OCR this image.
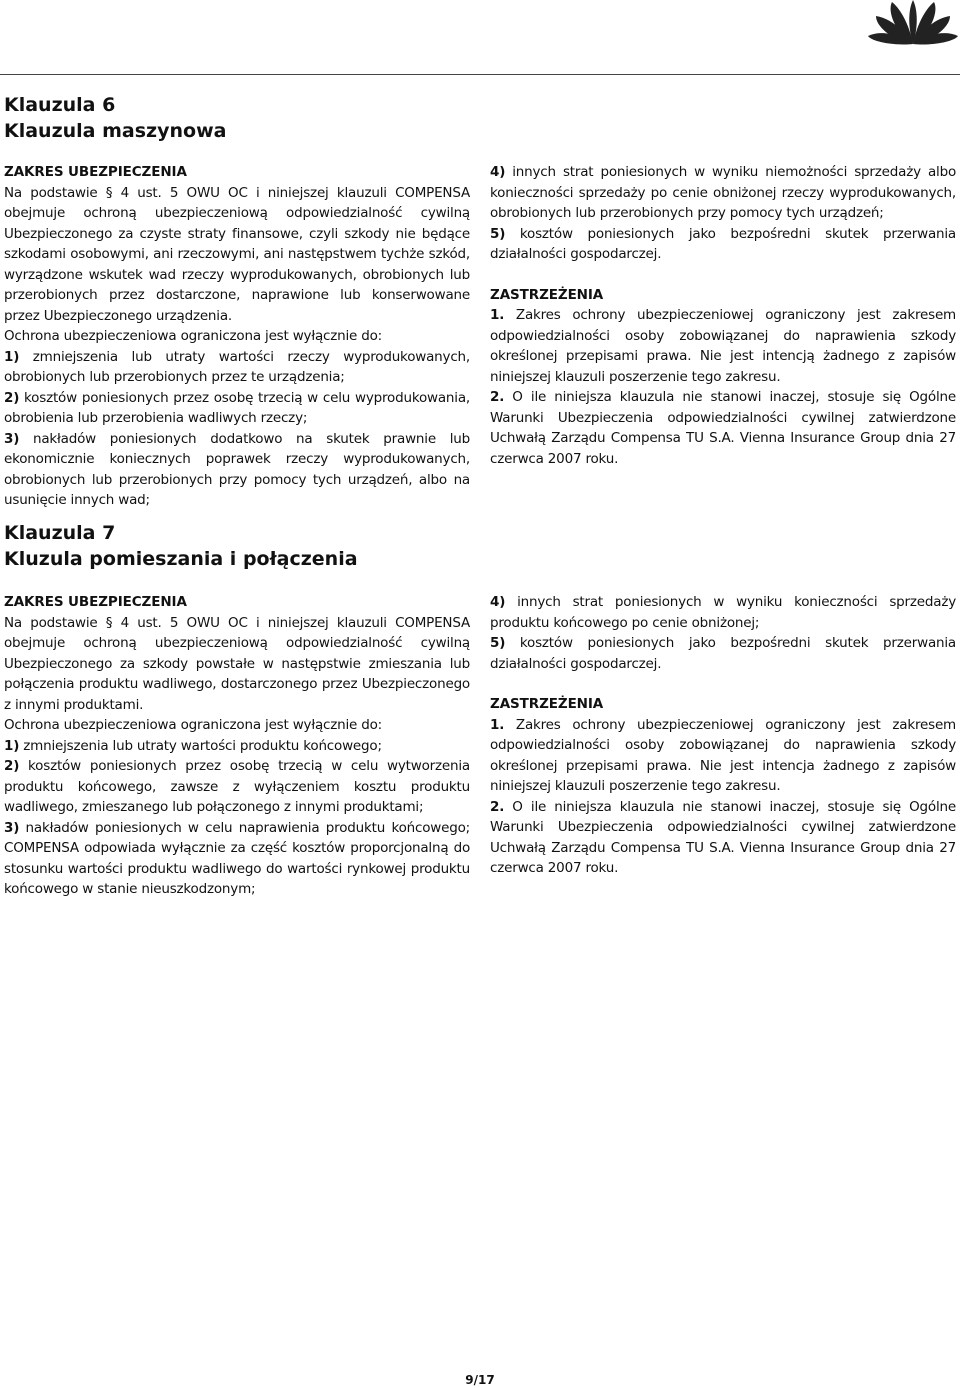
Klauzula 6
Klauzula maszynowa
ZAKRES UBEZPIECZENIA

Na podstawie § 4 ust. 5 OWU OC i niniejszej klauzuli COMPENSA obejmuje ochroną ubezpieczeniową odpowiedzialność cywilną Ubezpieczonego za czyste straty finansowe, czyli szkody nie będące szkodami osobowymi, ani rzeczowymi, ani następstwem tychże szkód, wyrządzone wskutek wad rzeczy wyprodukowanych, obrobionych lub przerobionych przez dostarczone, naprawione lub konserwowane przez Ubezpieczonego urządzenia.

Ochrona ubezpieczeniowa ograniczona jest wyłącznie do:

1) zmniejszenia lub utraty wartości rzeczy wyprodukowanych, obrobionych lub przerobionych przez te urządzenia;

2) kosztów poniesionych przez osobę trzecią w celu wyprodukowania, obrobienia lub przerobienia wadliwych rzeczy;

3) nakładów poniesionych dodatkowo na skutek prawnie lub ekonomicznie koniecznych poprawek rzeczy wyprodukowanych, obrobionych lub przerobionych przy pomocy tych urządzeń, albo na usunięcie innych wad;

4) innych strat poniesionych w wyniku niemożności sprzedaży albo konieczności sprzedaży po cenie obniżonej rzeczy wyprodukowanych, obrobionych lub przerobionych przy pomocy tych urządzeń;

5) kosztów poniesionych jako bezpośredni skutek przerwania działalności gospodarczej.

ZASTRZEŻENIA

1. Zakres ochrony ubezpieczeniowej ograniczony jest zakresem odpowiedzialności osoby zobowiązanej do naprawienia szkody określonej przepisami prawa. Nie jest intencją żadnego z zapisów niniejszej klauzuli poszerzenie tego zakresu.

2. O ile niniejsza klauzula nie stanowi inaczej, stosuje się Ogólne Warunki Ubezpieczenia odpowiedzialności cywilnej zatwierdzone Uchwałą Zarządu Compensa TU S.A. Vienna Insurance Group dnia 27 czerwca 2007 roku.

Klauzula 7
Kluzula pomieszania i połączenia
ZAKRES UBEZPIECZENIA

Na podstawie § 4 ust. 5 OWU OC i niniejszej klauzuli COMPENSA obejmuje ochroną ubezpieczeniową odpowiedzialność cywilną Ubezpieczonego za szkody powstałe w następstwie zmieszania lub połączenia produktu wadliwego, dostarczonego przez Ubezpieczonego z innymi produktami.

Ochrona ubezpieczeniowa ograniczona jest wyłącznie do:

1) zmniejszenia lub utraty wartości produktu końcowego;

2) kosztów poniesionych przez osobę trzecią w celu wytworzenia produktu końcowego, zawsze z wyłączeniem kosztu produktu wadliwego, zmieszanego lub połączonego z innymi produktami;

3) nakładów poniesionych w celu naprawienia produktu końcowego; COMPENSA odpowiada wyłącznie za część kosztów proporcjonalną do stosunku wartości produktu wadliwego do wartości rynkowej produktu końcowego w stanie nieuszkodzonym;

4) innych strat poniesionych w wyniku konieczności sprzedaży produktu końcowego po cenie obniżonej;

5) kosztów poniesionych jako bezpośredni skutek przerwania działalności gospodarczej.

ZASTRZEŻENIA

1. Zakres ochrony ubezpieczeniowej ograniczony jest zakresem odpowiedzialności osoby zobowiązanej do naprawienia szkody określonej przepisami prawa. Nie jest intencja żadnego z zapisów niniejszej klauzuli poszerzenie tego zakresu.

2. O ile niniejsza klauzula nie stanowi inaczej, stosuje się Ogólne Warunki Ubezpieczenia odpowiedzialności cywilnej zatwierdzone Uchwałą Zarządu Compensa TU S.A. Vienna Insurance Group dnia 27 czerwca 2007 roku.

9/17
